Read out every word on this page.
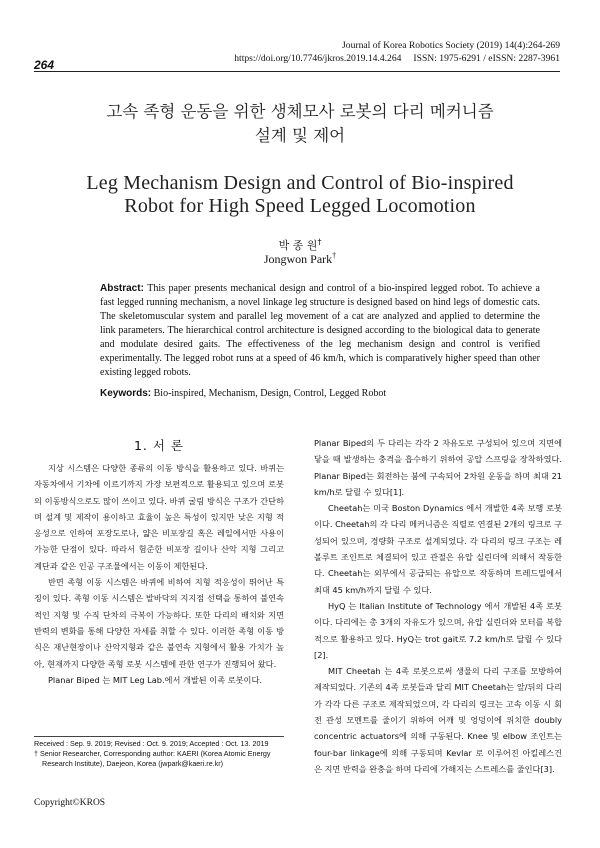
264
Journal of Korea Robotics Society (2019) 14(4):264-269
https://doi.org/10.7746/jkros.2019.14.4.264     ISSN: 1975-6291 / eISSN: 2287-3961
고속 족형 운동을 위한 생체모사 로봇의 다리 메커니즘
설계 및 제어
Leg Mechanism Design and Control of Bio-inspired
Robot for High Speed Legged Locomotion
박 종 원†
Jongwon Park†
Abstract: This paper presents mechanical design and control of a bio-inspired legged robot. To achieve a fast legged running mechanism, a novel linkage leg structure is designed based on hind legs of domestic cats. The skeletomuscular system and parallel leg movement of a cat are analyzed and applied to determine the link parameters. The hierarchical control architecture is designed according to the biological data to generate and modulate desired gaits. The effectiveness of the leg mechanism design and control is verified experimentally. The legged robot runs at a speed of 46 km/h, which is comparatively higher speed than other existing legged robots.
Keywords: Bio-inspired, Mechanism, Design, Control, Legged Robot
1. 서 론

지상 시스템은 다양한 종류의 이동 방식을 활용하고 있다. 바퀴는 자동차에서 기차에 이르기까지 가장 보편적으로 활용되고 있으며 로봇의 이동방식으로도 많이 쓰이고 있다. 바퀴 굴림 방식은 구조가 간단하며 설계 및 제작이 용이하고 효율이 높은 특성이 있지만 낮은 지형 적응성으로 인하여 포장도로나, 얇은 비포장길 혹은 레일에서만 사용이 가능한 단점이 있다. 따라서 험준한 비포장 길이나 산악 지형 그리고 계단과 같은 인공 구조물에서는 이동이 제한된다.

반면 족형 이동 시스템은 바퀴에 비하여 지형 적응성이 뛰어난 특징이 있다. 족형 이동 시스템은 발바닥의 지지점 선택을 통하여 불연속적인 지형 및 수직 단차의 극복이 가능하다. 또한 다리의 배치와 지면 반력의 변화를 통해 다양한 자세를 취할 수 있다. 이러한 족형 이동 방식은 재난현장이나 산악지형과 같은 불연속 지형에서 활용 가치가 높아, 현재까지 다양한 족형 로봇 시스템에 관한 연구가 진행되어 왔다.

Planar Biped 는 MIT Leg Lab.에서 개발된 이족 로봇이다.

Planar Biped의 두 다리는 각각 2 자유도로 구성되어 있으며 지면에 닿을 때 발생하는 충격을 흡수하기 위하여 공압 스프링을 장착하였다. Planar Biped는 회전하는 붐에 구속되어 2차원 운동을 하며 최대 21 km/h로 달릴 수 있다[1].

Cheetah는 미국 Boston Dynamics 에서 개발한 4족 보행 로봇이다. Cheetah의 각 다리 메커니즘은 직렬로 연결된 2개의 링크로 구성되어 있으며, 경량화 구조로 설계되었다. 각 다리의 링크 구조는 레볼루트 조인트로 체결되어 있고 관절은 유압 실린더에 의해서 작동한다. Cheetah는 외부에서 공급되는 유압으로 작동하며 트레드밀에서 최대 45 km/h까지 달릴 수 있다.

HyQ 는 Italian Institute of Technology 에서 개발된 4족 로봇이다. 다리에는 총 3개의 자유도가 있으며, 유압 실린더와 모터를 복합적으로 활용하고 있다. HyQ는 trot gait로 7.2 km/h로 달릴 수 있다[2].

MIT Cheetah 는 4족 로봇으로써 생물의 다리 구조를 모방하여 제작되었다. 기존의 4족 로봇들과 달리 MIT Cheetah는 앞/뒤의 다리가 각각 다른 구조로 제작되었으며, 각 다리의 링크는 고속 이동 시 회전 관성 모멘트를 줄이기 위하여 어깨 및 엉덩이에 위치한 doubly concentric actuators에 의해 구동된다. Knee 및 elbow 조인트는 four-bar linkage에 의해 구동되며 Kevlar 로 이루어진 아킬레스건은 지면 반력을 완충을 하며 다리에 가해지는 스트레스를 줄인다[3].

Received : Sep. 9. 2019; Revised : Oct. 9. 2019; Accepted : Oct. 13. 2019
† Senior Researcher, Corresponding author: KAERI (Korea Atomic Energy Research Institute), Daejeon, Korea (jwpark@kaeri.re.kr)
Copyright©KROS
